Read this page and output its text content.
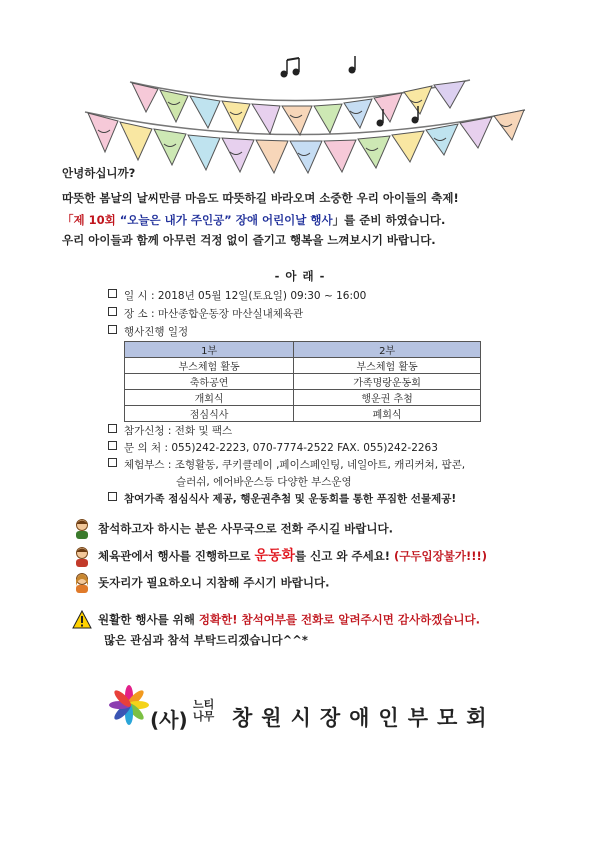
안녕하십니까?
따뜻한 봄날의 날씨만큼 마음도 따뜻하길 바라오며 소중한 우리 아이들의 축제!
「제 10회 “오늘은 내가 주인공” 장애 어린이날 행사」를 준비 하였습니다.
우리 아이들과 함께 아무런 걱정 없이 즐기고 행복을 느껴보시기 바랍니다.
- 아 래 -
일 시 : 2018년 05월 12일(토요일) 09:30 ~ 16:00
장 소 : 마산종합운동장 마산실내체육관
행사진행 일정
1부	2부
부스체험 활동	부스체험 활동
축하공연	가족명랑운동회
개회식	행운권 추첨
점심식사	폐회식
참가신청 : 전화 및 팩스
문 의 처 : 055)242-2223, 070-7774-2522 FAX. 055)242-2263
체험부스 : 조형활동, 쿠키클레이 ,페이스페인팅, 네일아트, 캐리커쳐, 팝콘,
슬러쉬, 에어바운스등 다양한 부스운영
참여가족 점심식사 제공, 행운권추첨 및 운동회를 통한 푸짐한 선물제공!
참석하고자 하시는 분은 사무국으로 전화 주시길 바랍니다.
체육관에서 행사를 진행하므로 운동화를 신고 와 주세요! (구두입장불가!!!)
돗자리가 필요하오니 지참해 주시기 바랍니다.
원활한 행사를 위해 정확한! 참석여부를 전화로 알려주시면 감사하겠습니다.
많은 관심과 참석 부탁드리겠습니다^^*
(사)
느티
나무 창원시장애인부모회
